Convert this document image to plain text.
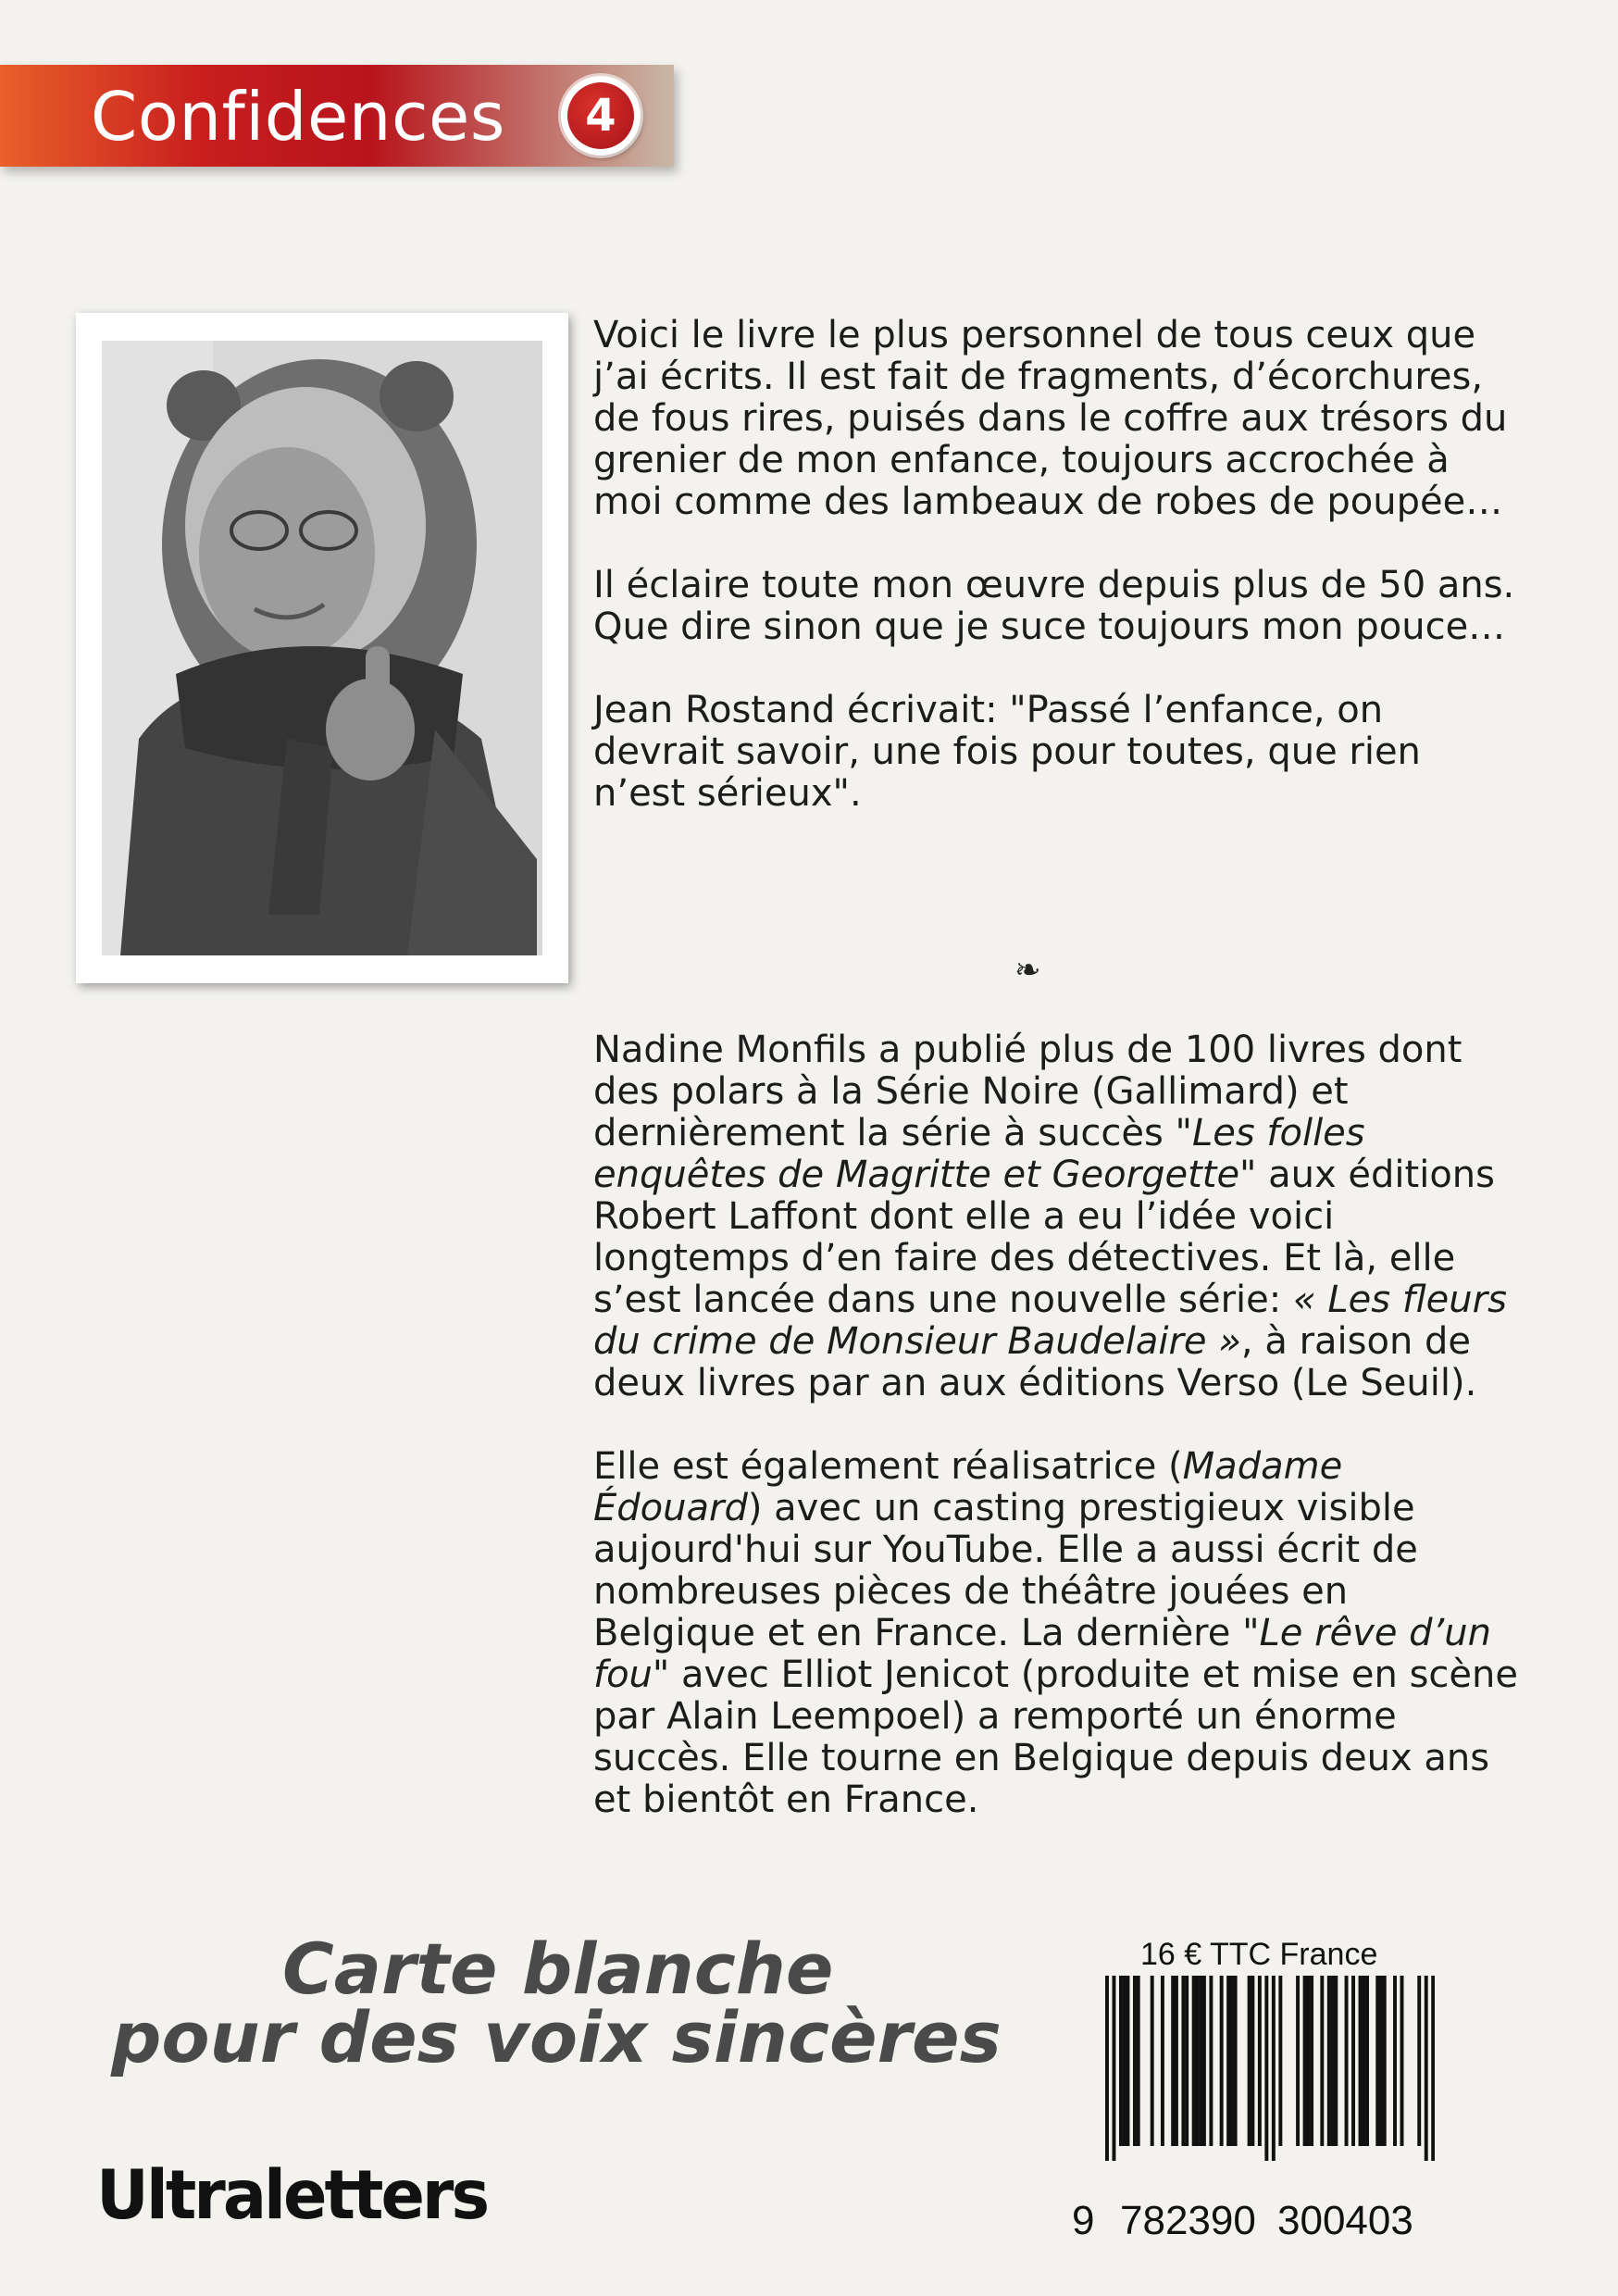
Confidences	4

Voici le livre le plus personnel de tous ceux que j’ai écrits. Il est fait de fragments, d’écorchures, de fous rires, puisés dans le coffre aux trésors du grenier de mon enfance, toujours accrochée à moi comme des lambeaux de robes de poupée…

Il éclaire toute mon œuvre depuis plus de 50 ans. Que dire sinon que je suce toujours mon pouce…

Jean Rostand écrivait: "Passé l’enfance, on devrait savoir, une fois pour toutes, que rien n’est sérieux".

❧

Nadine Monfils a publié plus de 100 livres dont des polars à la Série Noire (Gallimard) et dernièrement la série à succès "Les folles enquêtes de Magritte et Georgette" aux éditions Robert Laffont dont elle a eu l’idée voici longtemps d’en faire des détectives. Et là, elle s’est lancée dans une nouvelle série: « Les fleurs du crime de Monsieur Baudelaire », à raison de deux livres par an aux éditions Verso (Le Seuil).

Elle est également réalisatrice (Madame Édouard) avec un casting prestigieux visible aujourd'hui sur YouTube. Elle a aussi écrit de nombreuses pièces de théâtre jouées en Belgique et en France. La dernière "Le rêve d’un fou" avec Elliot Jenicot (produite et mise en scène par Alain Leempoel) a remporté un énorme succès. Elle tourne en Belgique depuis deux ans et bientôt en France.

Carte blanche
pour des voix sincères
Ultraletters
16 € TTC France
9 782390 300403
